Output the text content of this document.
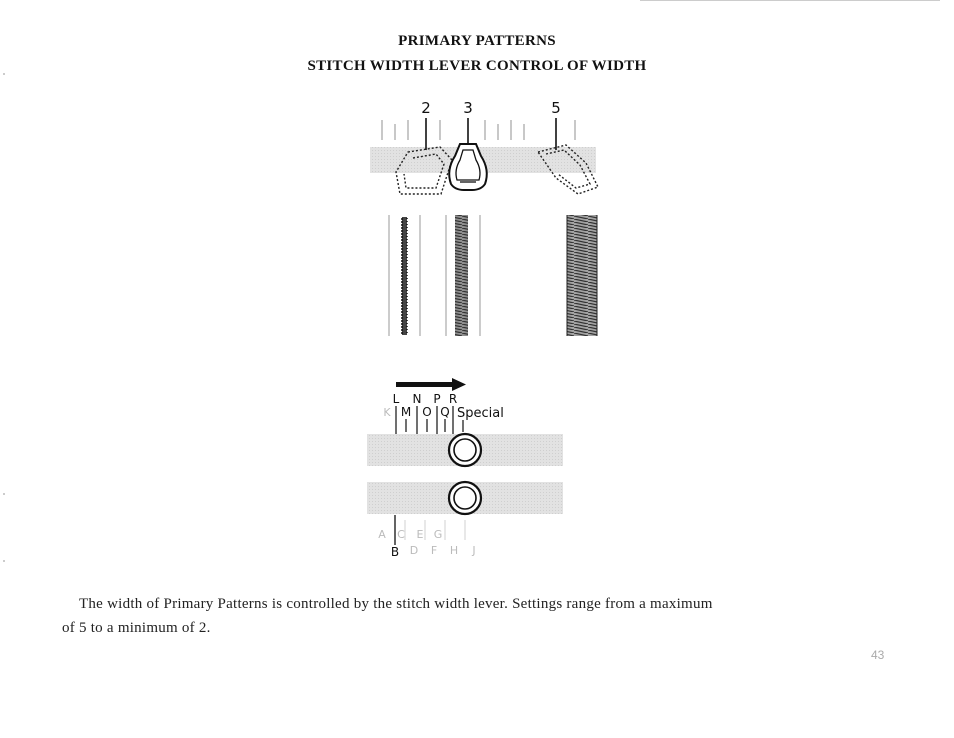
PRIMARY PATTERNS
STITCH WIDTH LEVER CONTROL OF WIDTH
2 3	5
L N P R
K M O Q Special
A C E G
D F H J
B
The width of Primary Patterns is controlled by the stitch width lever. Settings range from a maximum
of 5 to a minimum of 2.
43
